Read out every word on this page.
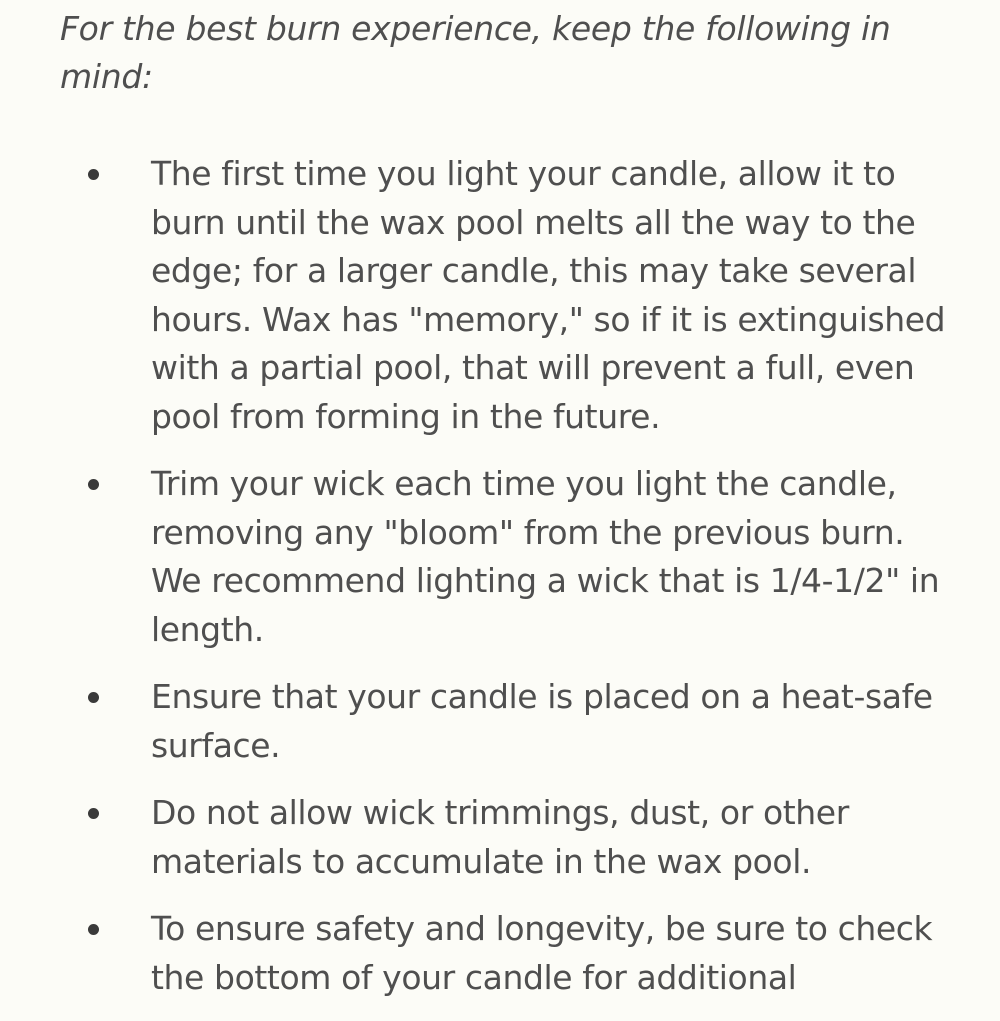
For the best burn experience, keep the following in mind:

The first time you light your candle, allow it to burn until the wax pool melts all the way to the edge; for a larger candle, this may take several hours. Wax has "memory," so if it is extinguished with a partial pool, that will prevent a full, even pool from forming in the future.
Trim your wick each time you light the candle, removing any "bloom" from the previous burn. We recommend lighting a wick that is 1/4-1/2" in length.
Ensure that your candle is placed on a heat-safe surface.
Do not allow wick trimmings, dust, or other materials to accumulate in the wax pool.
To ensure safety and longevity, be sure to check the bottom of your candle for additional
